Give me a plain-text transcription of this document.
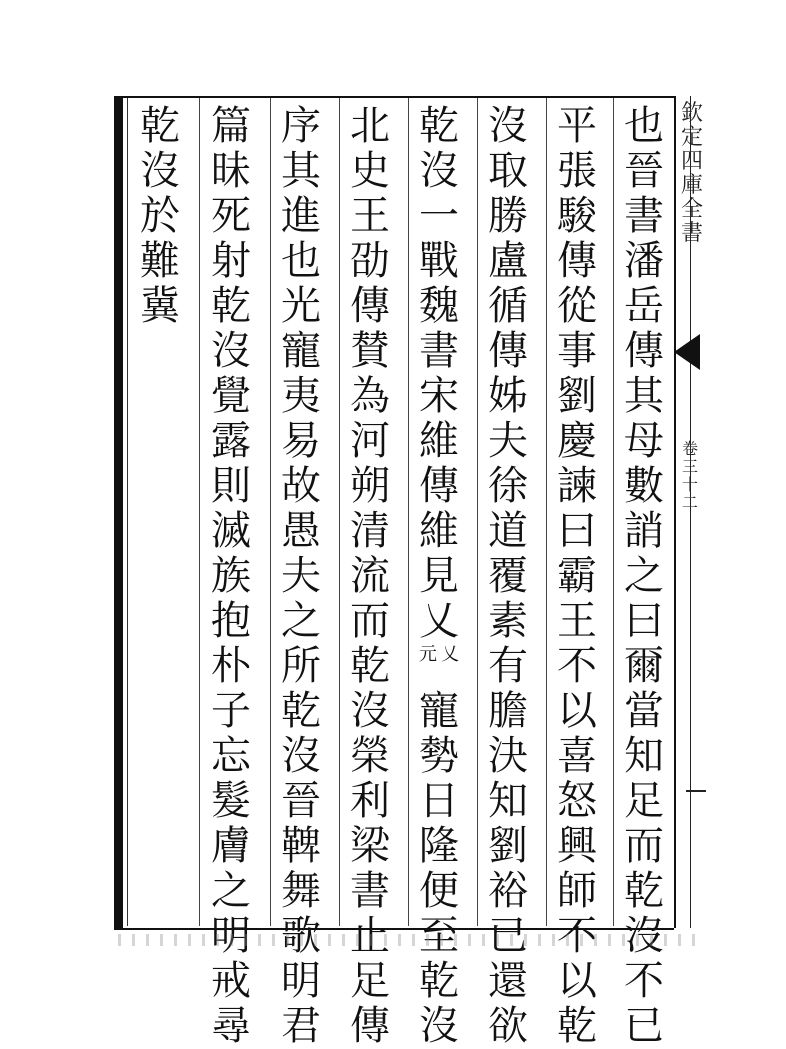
也晉書潘岳傳其母數誚之曰爾當知足而乾沒不已
平張駿傳從事劉慶諫曰霸王不以喜怒興師不以乾
沒取勝盧循傳姊夫徐道覆素有膽決知劉裕已還欲
乾沒一戰魏書宋維傳維見乂元 乂寵勢日隆便至乾沒
北史王劭傳賛為河朔清流而乾沒榮利梁書止足傳
序其進也光寵夷易故愚夫之所乾沒晉鞞舞歌明君
篇昧死射乾沒覺露則滅族抱朴子忘髮膚之明戒尋
乾沒於難冀
欽定四庫全書
卷三十二
